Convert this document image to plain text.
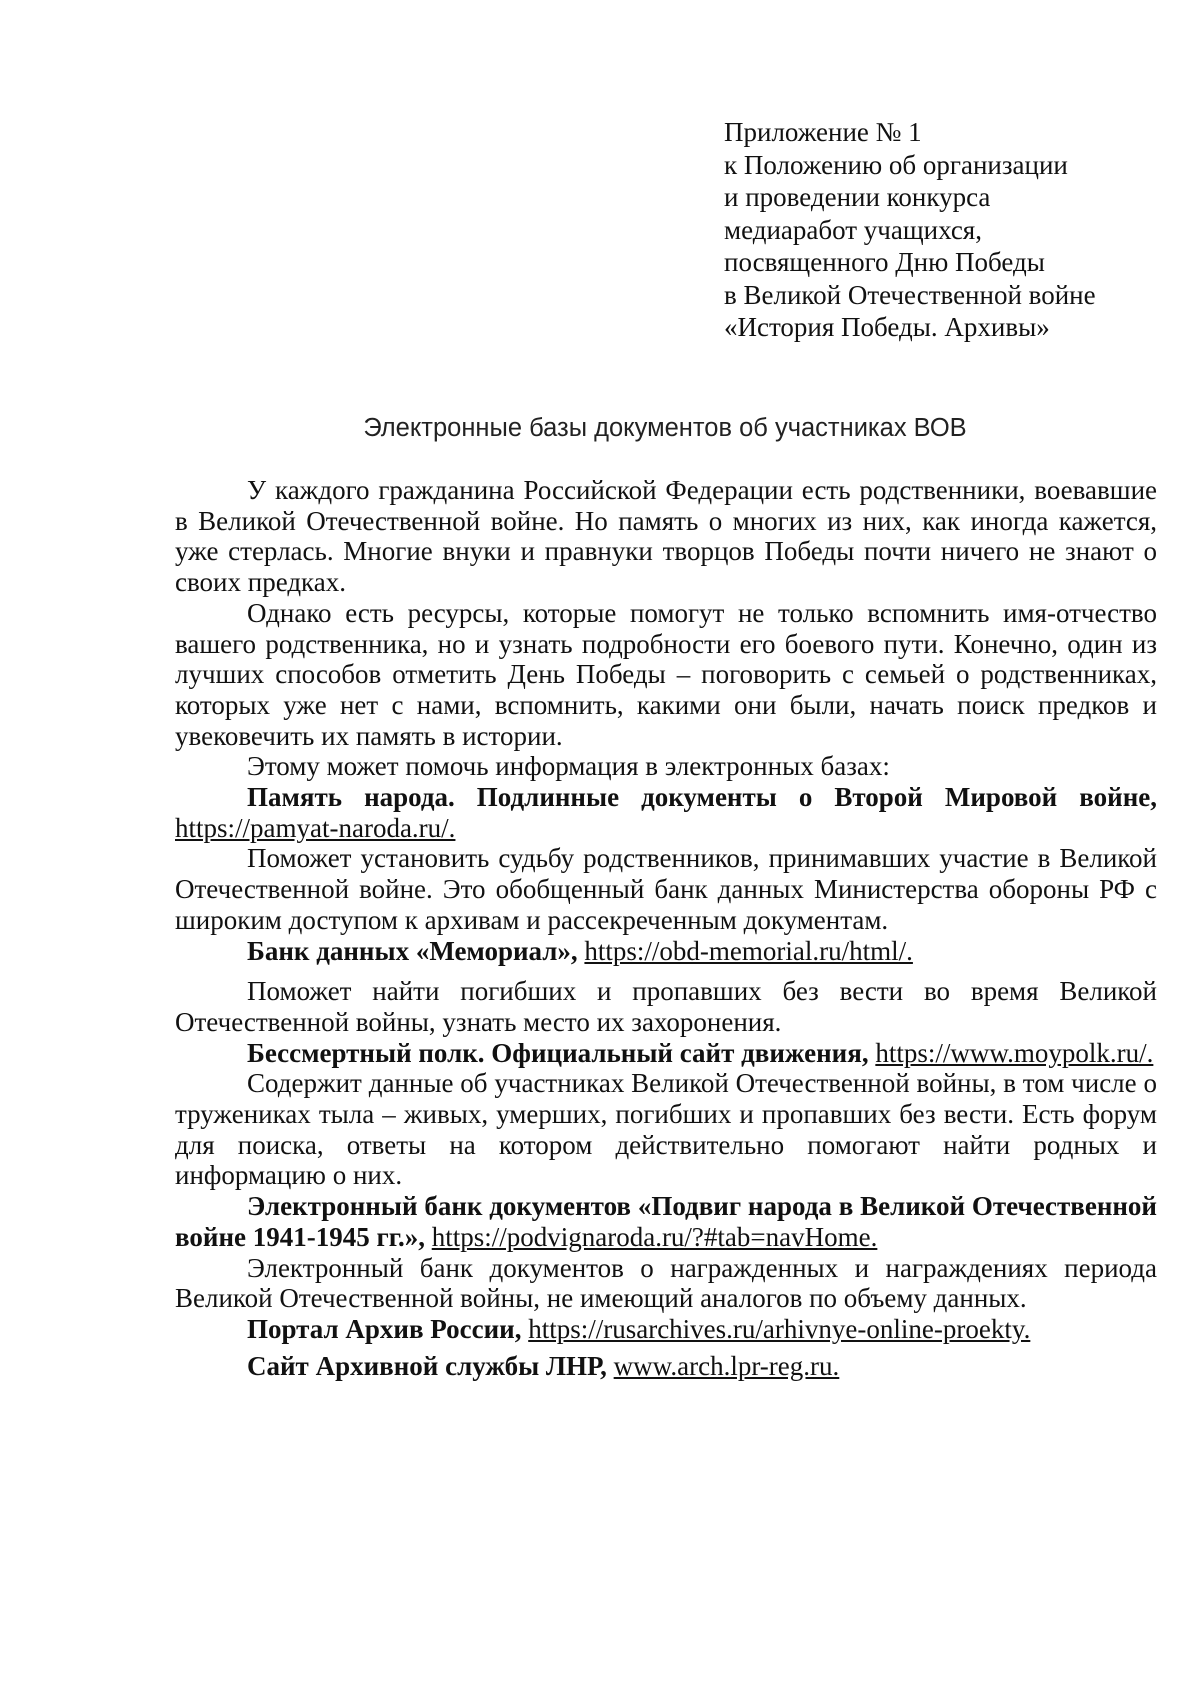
Приложение № 1
к Положению об организации
и проведении конкурса
медиаработ учащихся,
посвященного Дню Победы
в Великой Отечественной войне
«История Победы. Архивы»
Электронные базы документов об участниках ВОВ

У каждого гражданина Российской Федерации есть родственники, воевавшие в Великой Отечественной войне. Но память о многих из них, как иногда кажется, уже стерлась. Многие внуки и правнуки творцов Победы почти ничего не знают о своих предках.

Однако есть ресурсы, которые помогут не только вспомнить имя-отчество вашего родственника, но и узнать подробности его боевого пути. Конечно, один из лучших способов отметить День Победы – поговорить с семьей о родственниках, которых уже нет с нами, вспомнить, какими они были, начать поиск предков и увековечить их память в истории.

Этому может помочь информация в электронных базах:

Память народа. Подлинные документы о Второй Мировой войне, https://pamyat-naroda.ru/.

Поможет установить судьбу родственников, принимавших участие в Великой Отечественной войне. Это обобщенный банк данных Министерства обороны РФ с широким доступом к архивам и рассекреченным документам.

Банк данных «Мемориал», https://obd-memorial.ru/html/.

Поможет найти погибших и пропавших без вести во время Великой Отечественной войны, узнать место их захоронения.

Бессмертный полк. Официальный сайт движения, https://www.moypolk.ru/.

Содержит данные об участниках Великой Отечественной войны, в том числе о тружениках тыла – живых, умерших, погибших и пропавших без вести. Есть форум для поиска, ответы на котором действительно помогают найти родных и информацию о них.

Электронный банк документов «Подвиг народа в Великой Отечественной войне 1941-1945 гг.», https://podvignaroda.ru/?#tab=navHome.

Электронный банк документов о награжденных и награждениях периода Великой Отечественной войны, не имеющий аналогов по объему данных.

Портал Архив России, https://rusarchives.ru/arhivnye-online-proekty.

Сайт Архивной службы ЛНР, www.arch.lpr-reg.ru.
